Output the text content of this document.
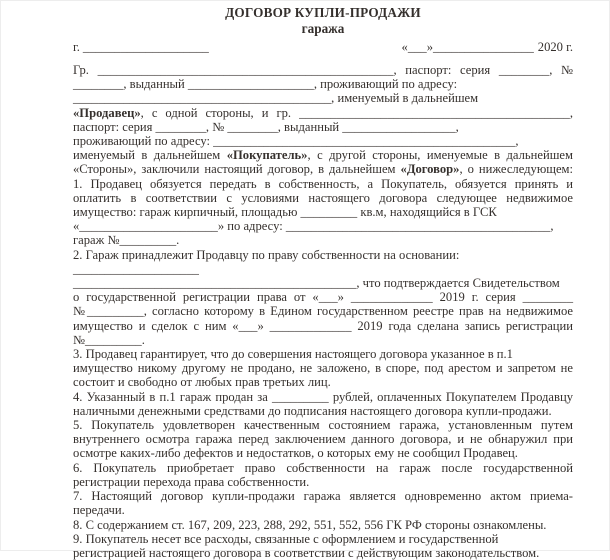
ДОГОВОР КУПЛИ-ПРОДАЖИ
гаража
г. ____________________	«___»________________ 2020 г.
Гр. _______________________________________________, паспорт: серия ________, №
________, выданный ____________________, проживающий по адресу:
_________________________________________, именуемый в дальнейшем
«Продавец», с одной стороны, и гр. ___________________________________________,
паспорт: серия ________, № ________, выданный __________________,
проживающий по адресу: ________________________________________________,
именуемый в дальнейшем «Покупатель», с другой стороны, именуемые в дальнейшем
«Стороны», заключили настоящий договор, в дальнейшем «Договор», о нижеследующем:
1. Продавец обязуется передать в собственность, а Покупатель, обязуется принять и
оплатить в соответствии с условиями настоящего договора следующее недвижимое
имущество: гараж кирпичный, площадью _________ кв.м, находящийся в ГСК
«______________________» по адресу: __________________________________________,
гараж №_________.
2. Гараж принадлежит Продавцу по праву собственности на основании: ____________________
_____________________________________________, что подтверждается Свидетельством
о государственной регистрации права от «___» _____________ 2019 г. серия ________
№_________, согласно которому в Едином государственном реестре прав на недвижимое
имущество и сделок с ним «___» _____________ 2019 года сделана запись регистрации
№_________.
3. Продавец гарантирует, что до совершения настоящего договора указанное в п.1
имущество никому другому не продано, не заложено, в споре, под арестом и запретом не
состоит и свободно от любых прав третьих лиц.
4. Указанный в п.1 гараж продан за _________ рублей, оплаченных Покупателем Продавцу
наличными денежными средствами до подписания настоящего договора купли-продажи.
5. Покупатель удовлетворен качественным состоянием гаража, установленным путем
внутреннего осмотра гаража перед заключением данного договора, и не обнаружил при
осмотре каких-либо дефектов и недостатков, о которых ему не сообщил Продавец.
6. Покупатель приобретает право собственности на гараж после государственной
регистрации перехода права собственности.
7. Настоящий договор купли-продажи гаража является одновременно актом приема-
передачи.
8. С содержанием ст. 167, 209, 223, 288, 292, 551, 552, 556 ГК РФ стороны ознакомлены.
9. Покупатель несет все расходы, связанные с оформлением и государственной
регистрацией настоящего договора в соответствии с действующим законодательством.
